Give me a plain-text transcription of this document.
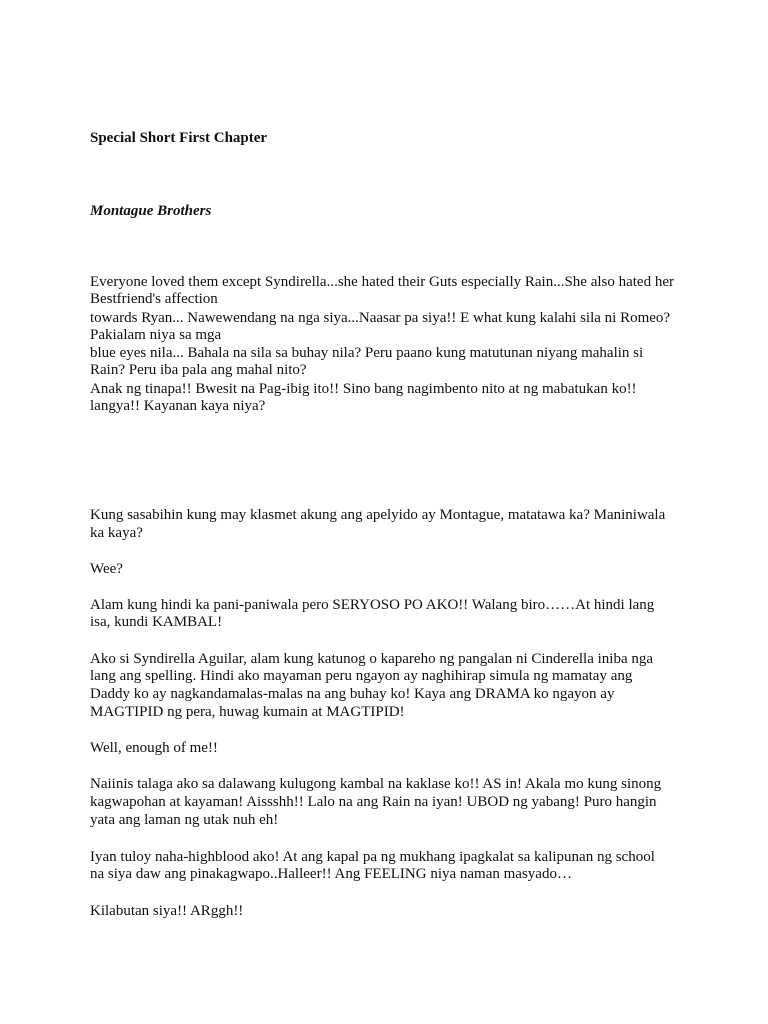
Special Short First Chapter
Montague Brothers
Everyone loved them except Syndirella...she hated their Guts especially Rain...She also hated her
Bestfriend's affection
towards Ryan... Nawewendang na nga siya...Naasar pa siya!! E what kung kalahi sila ni Romeo?
Pakialam niya sa mga
blue eyes nila... Bahala na sila sa buhay nila? Peru paano kung matutunan niyang mahalin si
Rain? Peru iba pala ang mahal nito?
Anak ng tinapa!! Bwesit na Pag-ibig ito!! Sino bang nagimbento nito at ng mabatukan ko!!
langya!! Kayanan kaya niya?
Kung sasabihin kung may klasmet akung ang apelyido ay Montague, matatawa ka? Maniniwala
ka kaya?
Wee?
Alam kung hindi ka pani-paniwala pero SERYOSO PO AKO!! Walang biro……At hindi lang
isa, kundi KAMBAL!
Ako si Syndirella Aguilar, alam kung katunog o kapareho ng pangalan ni Cinderella iniba nga
lang ang spelling. Hindi ako mayaman peru ngayon ay naghihirap simula ng mamatay ang
Daddy ko ay nagkandamalas-malas na ang buhay ko! Kaya ang DRAMA ko ngayon ay
MAGTIPID ng pera, huwag kumain at MAGTIPID!
Well, enough of me!!
Naiinis talaga ako sa dalawang kulugong kambal na kaklase ko!! AS in! Akala mo kung sinong
kagwapohan at kayaman! Aissshh!! Lalo na ang Rain na iyan! UBOD ng yabang! Puro hangin
yata ang laman ng utak nuh eh!
Iyan tuloy naha-highblood ako! At ang kapal pa ng mukhang ipagkalat sa kalipunan ng school
na siya daw ang pinakagwapo..Halleer!! Ang FEELING niya naman masyado…
Kilabutan siya!! ARggh!!
